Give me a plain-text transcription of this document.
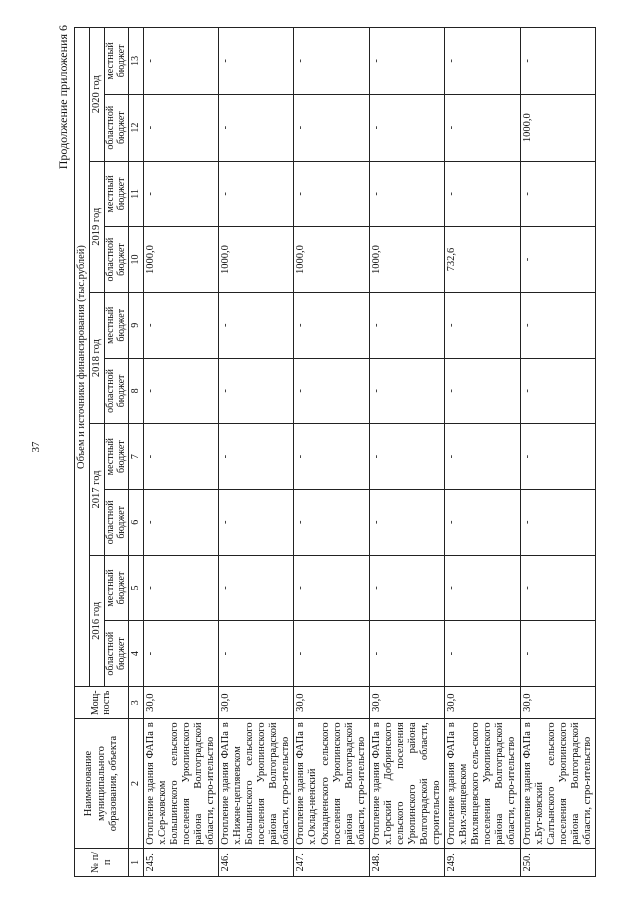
37
Продолжение приложения 6
№ п/п	Наименование муниципального образования, объекта	Мощ-ность	Объем и источники финансирования (тыс.рублей)									
			2016 год		2017 год		2018 год		2019 год		2020 год	
			областной бюджет	местный бюджет	областной бюджет	местный бюджет	областной бюджет	местный бюджет	областной бюджет	местный бюджет	областной бюджет	местный бюджет
1	2	3	4	5	6	7	8	9	10	11	12	13
245.	Отопление здания ФАПа в х.Сер-ковском Большинского сельского поселения Урюпинского района Волгоградской области, стро-ительство	30,0	-	-	-	-	-	-	1000,0	-	-	-
246.	Отопление здания ФАПа в х.Нижне-цепляевском Большинского сельского поселения Урюпинского района Волгоградской области, стро-ительство	30,0	-	-	-	-	-	-	1000,0	-	-	-
247.	Отопление здания ФАПа в х.Оклад-ненский Окладненского сельского поселения Урюпинского района Волгоградской области, стро-ительство	30,0	-	-	-	-	-	-	1000,0	-	-	-
248.	Отопление здания ФАПа в х.Горский Добринского сельского поселения Урюпинского района Волгоградской области, строительство	30,0	-	-	-	-	-	-	1000,0	-	-	-
249.	Отопление здания ФАПа в х.Вих-лянцевском Вихлянцевского сель-ского поселения Урюпинского района Волгоградской области, стро-ительство	30,0	-	-	-	-	-	-	732,6	-	-	-
250.	Отопление здания ФАПа в х.Бут-ковский Салтынского сельского поселения Урюпинского района Волгоградской области, стро-ительство	30,0	-	-	-	-	-	-	-	-	1000,0	-
